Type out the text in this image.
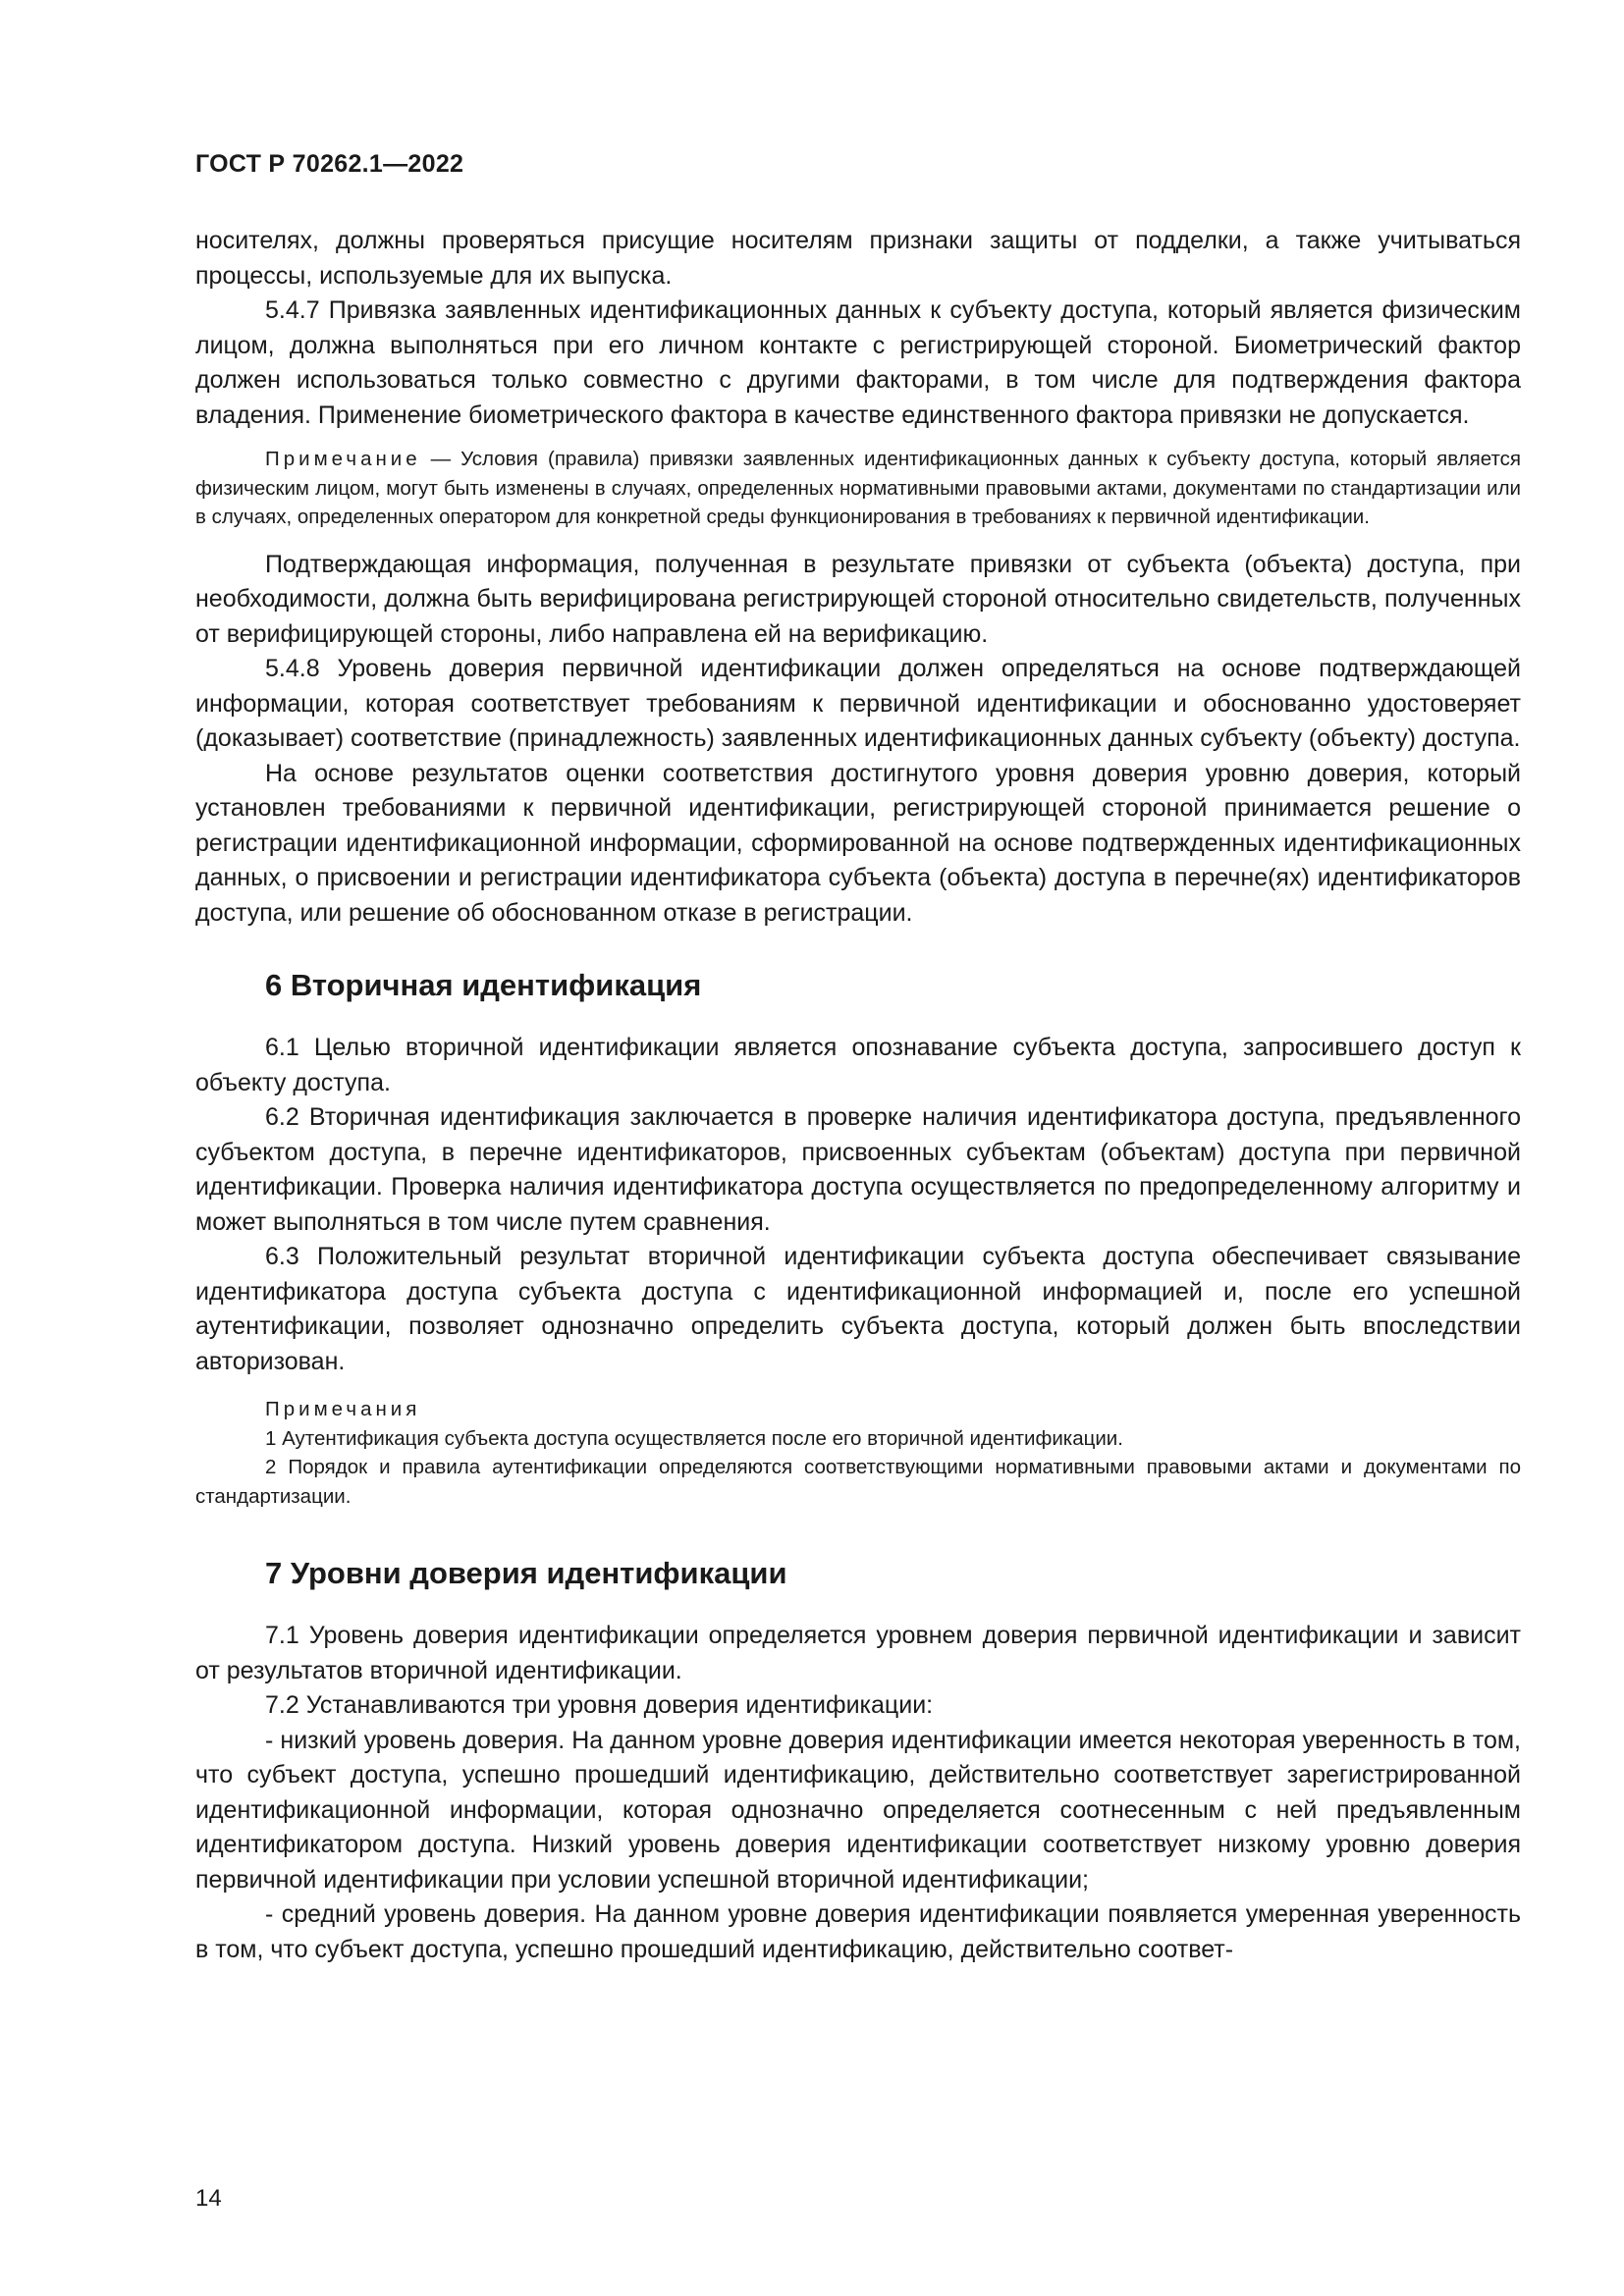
ГОСТ Р 70262.1—2022

носителях, должны проверяться присущие носителям признаки защиты от подделки, а также учитываться процессы, используемые для их выпуска.

5.4.7 Привязка заявленных идентификационных данных к субъекту доступа, который является физическим лицом, должна выполняться при его личном контакте с регистрирующей стороной. Биометрический фактор должен использоваться только совместно с другими факторами, в том числе для подтверждения фактора владения. Применение биометрического фактора в качестве единственного фактора привязки не допускается.

Примечание — Условия (правила) привязки заявленных идентификационных данных к субъекту доступа, который является физическим лицом, могут быть изменены в случаях, определенных нормативными правовыми актами, документами по стандартизации или в случаях, определенных оператором для конкретной среды функционирования в требованиях к первичной идентификации.

Подтверждающая информация, полученная в результате привязки от субъекта (объекта) доступа, при необходимости, должна быть верифицирована регистрирующей стороной относительно свидетельств, полученных от верифицирующей стороны, либо направлена ей на верификацию.

5.4.8 Уровень доверия первичной идентификации должен определяться на основе подтверждающей информации, которая соответствует требованиям к первичной идентификации и обоснованно удостоверяет (доказывает) соответствие (принадлежность) заявленных идентификационных данных субъекту (объекту) доступа.

На основе результатов оценки соответствия достигнутого уровня доверия уровню доверия, который установлен требованиями к первичной идентификации, регистрирующей стороной принимается решение о регистрации идентификационной информации, сформированной на основе подтвержденных идентификационных данных, о присвоении и регистрации идентификатора субъекта (объекта) доступа в перечне(ях) идентификаторов доступа, или решение об обоснованном отказе в регистрации.

6 Вторичная идентификация

6.1 Целью вторичной идентификации является опознавание субъекта доступа, запросившего доступ к объекту доступа.

6.2 Вторичная идентификация заключается в проверке наличия идентификатора доступа, предъявленного субъектом доступа, в перечне идентификаторов, присвоенных субъектам (объектам) доступа при первичной идентификации. Проверка наличия идентификатора доступа осуществляется по предопределенному алгоритму и может выполняться в том числе путем сравнения.

6.3 Положительный результат вторичной идентификации субъекта доступа обеспечивает связывание идентификатора доступа субъекта доступа с идентификационной информацией и, после его успешной аутентификации, позволяет однозначно определить субъекта доступа, который должен быть впоследствии авторизован.

Примечания

1 Аутентификация субъекта доступа осуществляется после его вторичной идентификации.

2 Порядок и правила аутентификации определяются соответствующими нормативными правовыми актами и документами по стандартизации.

7 Уровни доверия идентификации

7.1 Уровень доверия идентификации определяется уровнем доверия первичной идентификации и зависит от результатов вторичной идентификации.

7.2 Устанавливаются три уровня доверия идентификации:

- низкий уровень доверия. На данном уровне доверия идентификации имеется некоторая уверенность в том, что субъект доступа, успешно прошедший идентификацию, действительно соответствует зарегистрированной идентификационной информации, которая однозначно определяется соотнесенным с ней предъявленным идентификатором доступа. Низкий уровень доверия идентификации соответствует низкому уровню доверия первичной идентификации при условии успешной вторичной идентификации;

- средний уровень доверия. На данном уровне доверия идентификации появляется умеренная уверенность в том, что субъект доступа, успешно прошедший идентификацию, действительно соответ-

14
